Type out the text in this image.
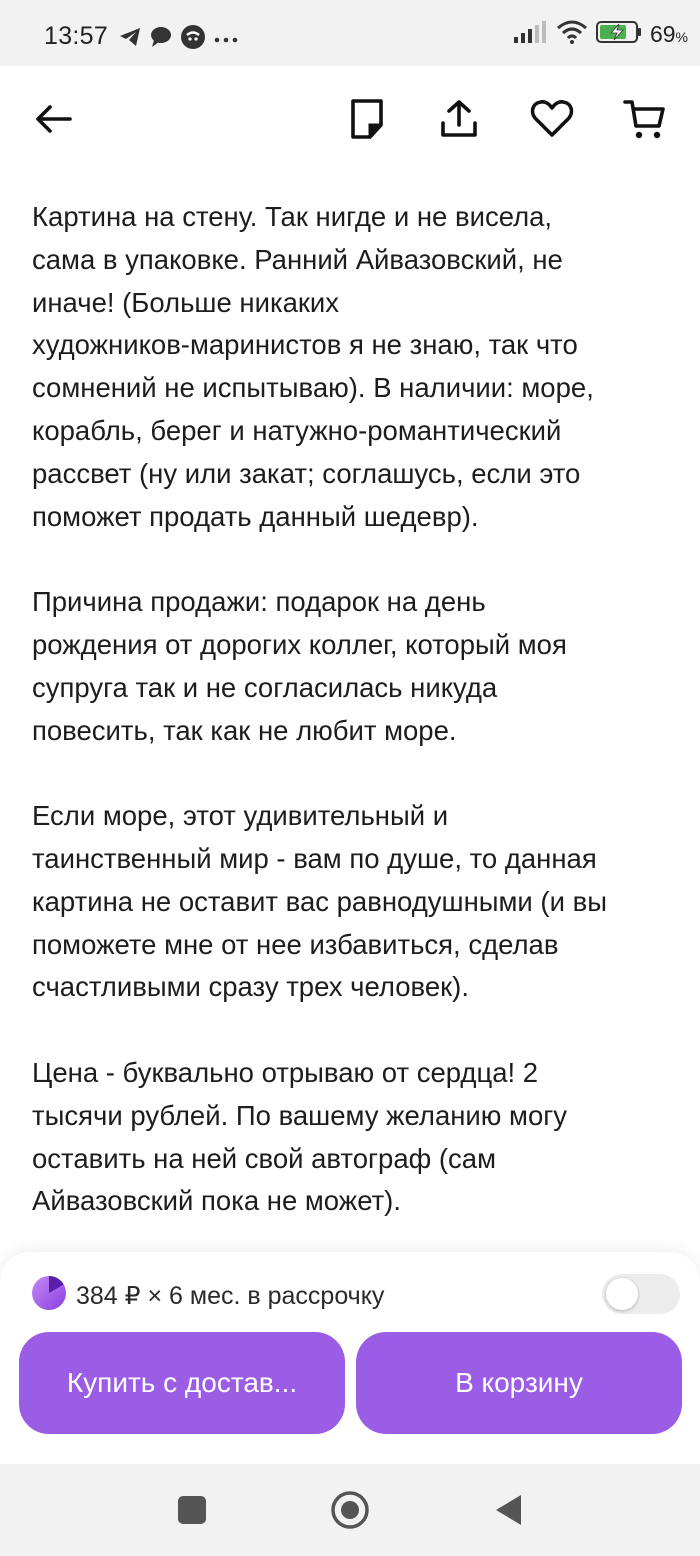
13:57	69%

Картина на стену. Так нигде и не висела,
сама в упаковке. Ранний Айвазовский, не
иначе! (Больше никаких
художников-маринистов я не знаю, так что
сомнений не испытываю). В наличии: море,
корабль, берег и натужно-романтический
рассвет (ну или закат; соглашусь, если это
поможет продать данный шедевр).

Причина продажи: подарок на день
рождения от дорогих коллег, который моя
супруга так и не согласилась никуда
повесить, так как не любит море.

Если море, этот удивительный и
таинственный мир - вам по душе, то данная
картина не оставит вас равнодушными (и вы
поможете мне от нее избавиться, сделав
счастливыми сразу трех человек).

Цена - буквально отрываю от сердца! 2
тысячи рублей. По вашему желанию могу
оставить на ней свой автограф (сам
Айвазовский пока не может).

384 ₽ × 6 мес. в рассрочку
Купить с достав...	В корзину
